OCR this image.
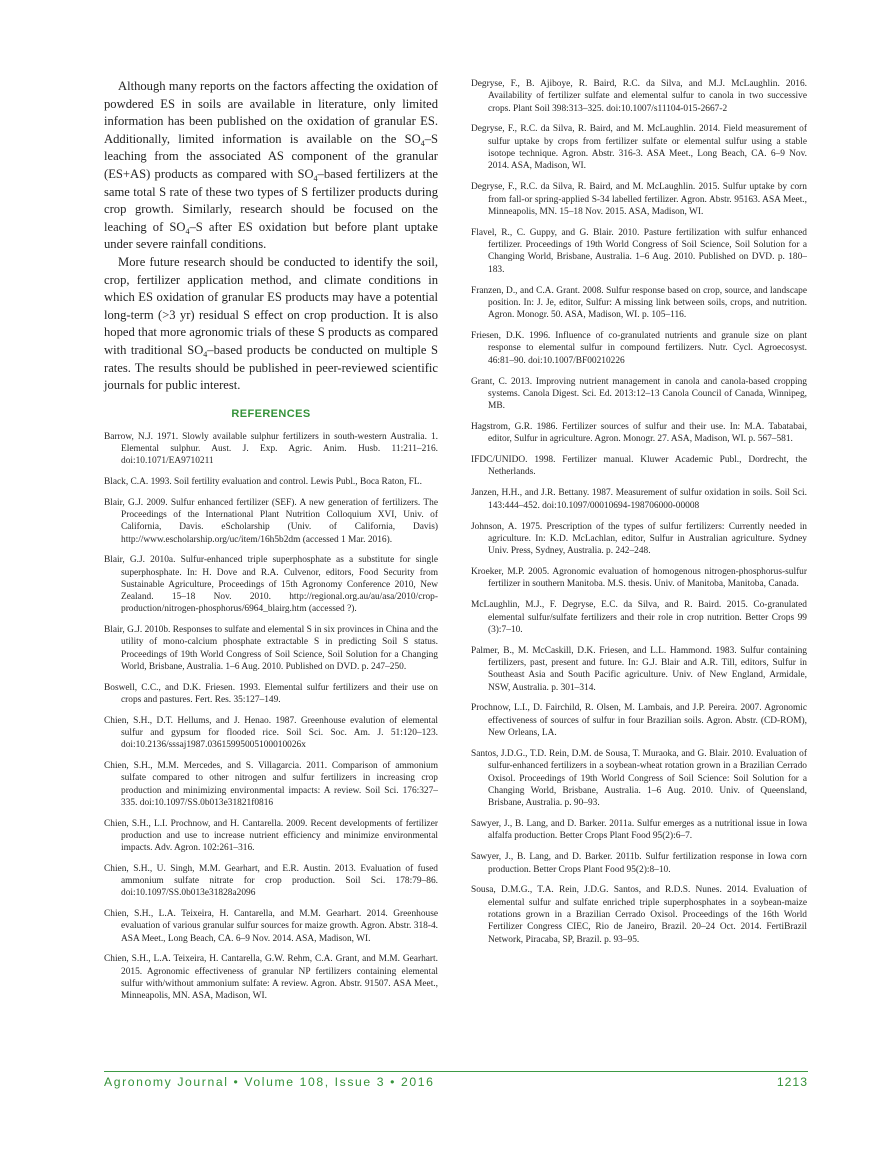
Although many reports on the factors affecting the oxidation of powdered ES in soils are available in literature, only limited information has been published on the oxidation of granular ES. Additionally, limited information is available on the $SO_4-S$ leaching from the associated AS component of the granular (ES+AS) products as compared with $SO_4$–based fertilizers at the same total S rate of these two types of S fertilizer products during crop growth. Similarly, research should be focused on the leaching of $SO_4-S$ after ES oxidation but before plant uptake under severe rainfall conditions.

More future research should be conducted to identify the soil, crop, fertilizer application method, and climate conditions in which ES oxidation of granular ES products may have a potential long-term (>3 yr) residual S effect on crop production. It is also hoped that more agronomic trials of these S products as compared with traditional $SO_4$–based products be conducted on multiple S rates. The results should be published in peer-reviewed scientific journals for public interest.

REFERENCES

Barrow, N.J. 1971. Slowly available sulphur fertilizers in south-western Australia. 1. Elemental sulphur. Aust. J. Exp. Agric. Anim. Husb. 11:211–216. doi:10.1071/EA9710211

Black, C.A. 1993. Soil fertility evaluation and control. Lewis Publ., Boca Raton, FL.

Blair, G.J. 2009. Sulfur enhanced fertilizer (SEF). A new generation of fertilizers. The Proceedings of the International Plant Nutrition Colloquium XVI, Univ. of California, Davis. eScholarship (Univ. of California, Davis) http://www.escholarship.org/uc/item/16h5b2dm (accessed 1 Mar. 2016).

Blair, G.J. 2010a. Sulfur-enhanced triple superphosphate as a substitute for single superphosphate. In: H. Dove and R.A. Culvenor, editors, Food Security from Sustainable Agriculture, Proceedings of 15th Agronomy Conference 2010, New Zealand. 15–18 Nov. 2010. http://regional.org.au/au/asa/2010/crop-production/nitrogen-phosphorus/6964_blairg.htm (accessed ?).

Blair, G.J. 2010b. Responses to sulfate and elemental S in six provinces in China and the utility of mono-calcium phosphate extractable S in predicting Soil S status. Proceedings of 19th World Congress of Soil Science, Soil Solution for a Changing World, Brisbane, Australia. 1–6 Aug. 2010. Published on DVD. p. 247–250.

Boswell, C.C., and D.K. Friesen. 1993. Elemental sulfur fertilizers and their use on crops and pastures. Fert. Res. 35:127–149.

Chien, S.H., D.T. Hellums, and J. Henao. 1987. Greenhouse evalution of elemental sulfur and gypsum for flooded rice. Soil Sci. Soc. Am. J. 51:120–123. doi:10.2136/sssaj1987.03615995005100010026x

Chien, S.H., M.M. Mercedes, and S. Villagarcia. 2011. Comparison of ammonium sulfate compared to other nitrogen and sulfur fertilizers in increasing crop production and minimizing environmental impacts: A review. Soil Sci. 176:327–335. doi:10.1097/SS.0b013e31821f0816

Chien, S.H., L.I. Prochnow, and H. Cantarella. 2009. Recent developments of fertilizer production and use to increase nutrient efficiency and minimize environmental impacts. Adv. Agron. 102:261–316.

Chien, S.H., U. Singh, M.M. Gearhart, and E.R. Austin. 2013. Evaluation of fused ammonium sulfate nitrate for crop production. Soil Sci. 178:79–86. doi:10.1097/SS.0b013e31828a2096

Chien, S.H., L.A. Teixeira, H. Cantarella, and M.M. Gearhart. 2014. Greenhouse evaluation of various granular sulfur sources for maize growth. Agron. Abstr. 318-4. ASA Meet., Long Beach, CA. 6–9 Nov. 2014. ASA, Madison, WI.

Chien, S.H., L.A. Teixeira, H. Cantarella, G.W. Rehm, C.A. Grant, and M.M. Gearhart. 2015. Agronomic effectiveness of granular NP fertilizers containing elemental sulfur with/without ammonium sulfate: A review. Agron. Abstr. 91507. ASA Meet., Minneapolis, MN. ASA, Madison, WI.

Degryse, F., B. Ajiboye, R. Baird, R.C. da Silva, and M.J. McLaughlin. 2016. Availability of fertilizer sulfate and elemental sulfur to canola in two successive crops. Plant Soil 398:313–325. doi:10.1007/s11104-015-2667-2

Degryse, F., R.C. da Silva, R. Baird, and M. McLaughlin. 2014. Field measurement of sulfur uptake by crops from fertilizer sulfate or elemental sulfur using a stable isotope technique. Agron. Abstr. 316-3. ASA Meet., Long Beach, CA. 6–9 Nov. 2014. ASA, Madison, WI.

Degryse, F., R.C. da Silva, R. Baird, and M. McLaughlin. 2015. Sulfur uptake by corn from fall-or spring-applied S-34 labelled fertilizer. Agron. Abstr. 95163. ASA Meet., Minneapolis, MN. 15–18 Nov. 2015. ASA, Madison, WI.

Flavel, R., C. Guppy, and G. Blair. 2010. Pasture fertilization with sulfur enhanced fertilizer. Proceedings of 19th World Congress of Soil Science, Soil Solution for a Changing World, Brisbane, Australia. 1–6 Aug. 2010. Published on DVD. p. 180–183.

Franzen, D., and C.A. Grant. 2008. Sulfur response based on crop, source, and landscape position. In: J. Je, editor, Sulfur: A missing link between soils, crops, and nutrition. Agron. Monogr. 50. ASA, Madison, WI. p. 105–116.

Friesen, D.K. 1996. Influence of co-granulated nutrients and granule size on plant response to elemental sulfur in compound fertilizers. Nutr. Cycl. Agroecosyst. 46:81–90. doi:10.1007/BF00210226

Grant, C. 2013. Improving nutrient management in canola and canola-based cropping systems. Canola Digest. Sci. Ed. 2013:12–13 Canola Council of Canada, Winnipeg, MB.

Hagstrom, G.R. 1986. Fertilizer sources of sulfur and their use. In: M.A. Tabatabai, editor, Sulfur in agriculture. Agron. Monogr. 27. ASA, Madison, WI. p. 567–581.

IFDC/UNIDO. 1998. Fertilizer manual. Kluwer Academic Publ., Dordrecht, the Netherlands.

Janzen, H.H., and J.R. Bettany. 1987. Measurement of sulfur oxidation in soils. Soil Sci. 143:444–452. doi:10.1097/00010694-198706000-00008

Johnson, A. 1975. Prescription of the types of sulfur fertilizers: Currently needed in agriculture. In: K.D. McLachlan, editor, Sulfur in Australian agriculture. Sydney Univ. Press, Sydney, Australia. p. 242–248.

Kroeker, M.P. 2005. Agronomic evaluation of homogenous nitrogen-phosphorus-sulfur fertilizer in southern Manitoba. M.S. thesis. Univ. of Manitoba, Manitoba, Canada.

McLaughlin, M.J., F. Degryse, E.C. da Silva, and R. Baird. 2015. Co-granulated elemental sulfur/sulfate fertilizers and their role in crop nutrition. Better Crops 99 (3):7–10.

Palmer, B., M. McCaskill, D.K. Friesen, and L.L. Hammond. 1983. Sulfur containing fertilizers, past, present and future. In: G.J. Blair and A.R. Till, editors, Sulfur in Southeast Asia and South Pacific agriculture. Univ. of New England, Armidale, NSW, Australia. p. 301–314.

Prochnow, L.I., D. Fairchild, R. Olsen, M. Lambais, and J.P. Pereira. 2007. Agronomic effectiveness of sources of sulfur in four Brazilian soils. Agron. Abstr. (CD-ROM), New Orleans, LA.

Santos, J.D.G., T.D. Rein, D.M. de Sousa, T. Muraoka, and G. Blair. 2010. Evaluation of sulfur-enhanced fertilizers in a soybean-wheat rotation grown in a Brazilian Cerrado Oxisol. Proceedings of 19th World Congress of Soil Science: Soil Solution for a Changing World, Brisbane, Australia. 1–6 Aug. 2010. Univ. of Queensland, Brisbane, Australia. p. 90–93.

Sawyer, J., B. Lang, and D. Barker. 2011a. Sulfur emerges as a nutritional issue in Iowa alfalfa production. Better Crops Plant Food 95(2):6–7.

Sawyer, J., B. Lang, and D. Barker. 2011b. Sulfur fertilization response in Iowa corn production. Better Crops Plant Food 95(2):8–10.

Sousa, D.M.G., T.A. Rein, J.D.G. Santos, and R.D.S. Nunes. 2014. Evaluation of elemental sulfur and sulfate enriched triple superphosphates in a soybean-maize rotations grown in a Brazilian Cerrado Oxisol. Proceedings of the 16th World Fertilizer Congress CIEC, Rio de Janeiro, Brazil. 20–24 Oct. 2014. FertiBrazil Network, Piracaba, SP, Brazil. p. 93–95.

Agronomy Journal • Volume 108, Issue 3 • 2016	1213
